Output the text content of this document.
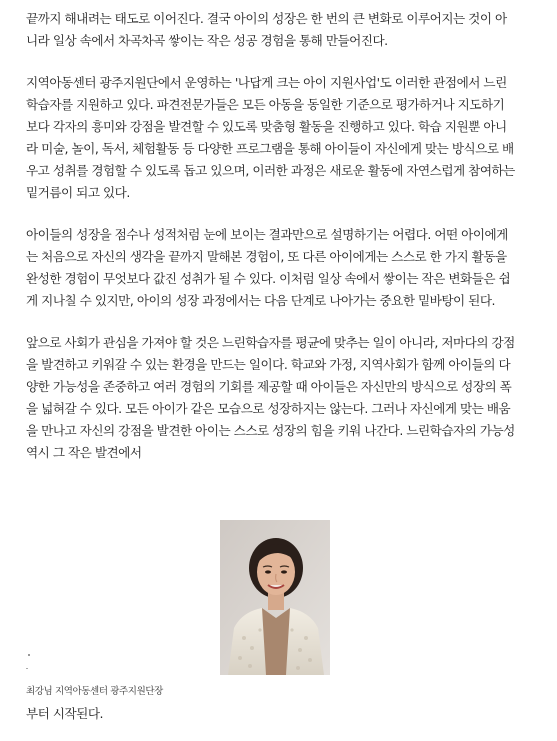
끝까지 해내려는 태도로 이어진다. 결국 아이의 성장은 한 번의 큰 변화로 이루어지는 것이 아
니라 일상 속에서 차곡차곡 쌓이는 작은 성공 경험을 통해 만들어진다.

지역아동센터 광주지원단에서 운영하는 '나답게 크는 아이 지원사업'도 이러한 관점에서 느린
학습자를 지원하고 있다. 파견전문가들은 모든 아동을 동일한 기준으로 평가하거나 지도하기
보다 각자의 흥미와 강점을 발견할 수 있도록 맞춤형 활동을 진행하고 있다. 학습 지원뿐 아니
라 미술, 놀이, 독서, 체험활동 등 다양한 프로그램을 통해 아이들이 자신에게 맞는 방식으로 배
우고 성취를 경험할 수 있도록 돕고 있으며, 이러한 과정은 새로운 활동에 자연스럽게 참여하는
밑거름이 되고 있다.

아이들의 성장을 점수나 성적처럼 눈에 보이는 결과만으로 설명하기는 어렵다. 어떤 아이에게
는 처음으로 자신의 생각을 끝까지 말해본 경험이, 또 다른 아이에게는 스스로 한 가지 활동을
완성한 경험이 무엇보다 값진 성취가 될 수 있다. 이처럼 일상 속에서 쌓이는 작은 변화들은 쉽
게 지나칠 수 있지만, 아이의 성장 과정에서는 다음 단계로 나아가는 중요한 밑바탕이 된다.

앞으로 사회가 관심을 가져야 할 것은 느린학습자를 평균에 맞추는 일이 아니라, 저마다의 강점
을 발견하고 키워갈 수 있는 환경을 만드는 일이다. 학교와 가정, 지역사회가 함께 아이들의 다
양한 가능성을 존중하고 여러 경험의 기회를 제공할 때 아이들은 자신만의 방식으로 성장의 폭
을 넓혀갈 수 있다. 모든 아이가 같은 모습으로 성장하지는 않는다. 그러나 자신에게 맞는 배움
을 만나고 자신의 강점을 발견한 아이는 스스로 성장의 힘을 키워 나간다. 느린학습자의 가능성
역시 그 작은 발견에서

최강님 지역아동센터 광주지원단장
부터 시작된다.
